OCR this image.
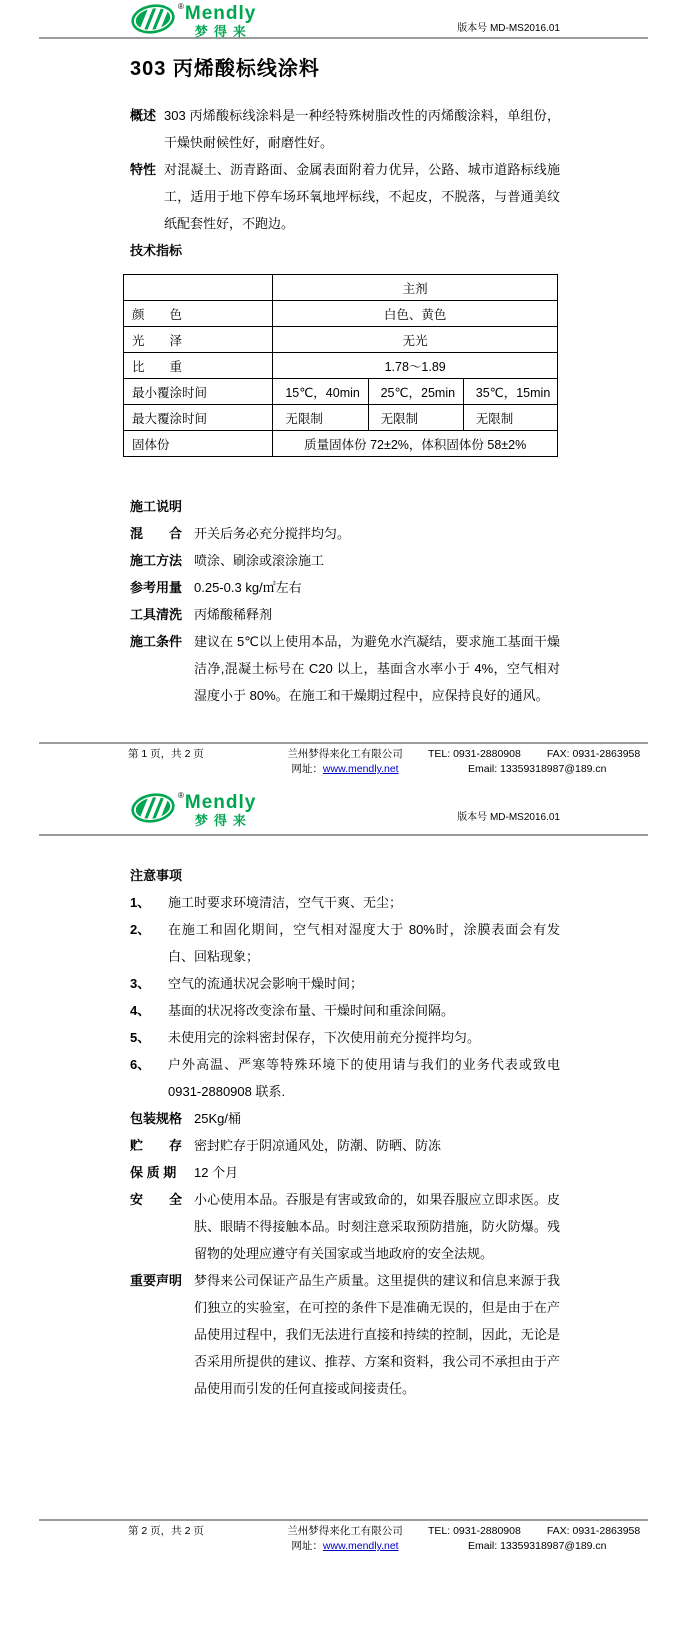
® Mendly
梦得来	版本号 MD-MS2016.01
303 丙烯酸标线涂料
概述 303 丙烯酸标线涂料是一种经特殊树脂改性的丙烯酸涂料，单组份，干燥快耐候性好，耐磨性好。
特性 对混凝土、沥青路面、金属表面附着力优异，公路、城市道路标线施工，适用于地下停车场环氧地坪标线，不起皮，不脱落，与普通美纹纸配套性好，不跑边。
技术指标
	主剂		
颜　　色	白色、黄色		
光　　泽	无光		
比　　重	1.78～1.89		
最小覆涂时间	15℃，40min	25℃，25min	35℃，15min
最大覆涂时间	无限制	无限制	无限制
固体份	质量固体份 72±2%，体积固体份 58±2%		
施工说明
混　　合 开关后务必充分搅拌均匀。
施工方法 喷涂、刷涂或滚涂施工
参考用量 0.25-0.3 kg/㎡左右
工具清洗 丙烯酸稀释剂
施工条件 建议在 5℃以上使用本品，为避免水汽凝结，要求施工基面干燥洁净,混凝土标号在 C20 以上，基面含水率小于 4%，空气相对湿度小于 80%。在施工和干燥期过程中，应保持良好的通风。
第 1 页，共 2 页	兰州梦得来化工有限公司
网址：www.mendly.net
TEL: 0931-2880908 FAX: 0931-2863958
Email: 13359318987@189.cn
® Mendly
梦得来	版本号 MD-MS2016.01
注意事项
1、	施工时要求环境清洁，空气干爽、无尘；
2、	在施工和固化期间，空气相对湿度大于 80%时，涂膜表面会有发白、回粘现象；
3、	空气的流通状况会影响干燥时间；
4、	基面的状况将改变涂布量、干燥时间和重涂间隔。
5、	未使用完的涂料密封保存，下次使用前充分搅拌均匀。
6、	户外高温、严寒等特殊环境下的使用请与我们的业务代表或致电 0931-2880908 联系.
包装规格 25Kg/桶
贮　　存 密封贮存于阴凉通风处，防潮、防晒、防冻
保 质 期	12 个月
安　　全 小心使用本品。吞服是有害或致命的，如果吞服应立即求医。皮肤、眼睛不得接触本品。时刻注意采取预防措施，防火防爆。残留物的处理应遵守有关国家或当地政府的安全法规。
重要声明 梦得来公司保证产品生产质量。这里提供的建议和信息来源于我们独立的实验室，在可控的条件下是准确无误的，但是由于在产品使用过程中，我们无法进行直接和持续的控制，因此，无论是否采用所提供的建议、推荐、方案和资料，我公司不承担由于产品使用而引发的任何直接或间接责任。
第 2 页，共 2 页	兰州梦得来化工有限公司
网址：www.mendly.net
TEL: 0931-2880908 FAX: 0931-2863958
Email: 13359318987@189.cn
